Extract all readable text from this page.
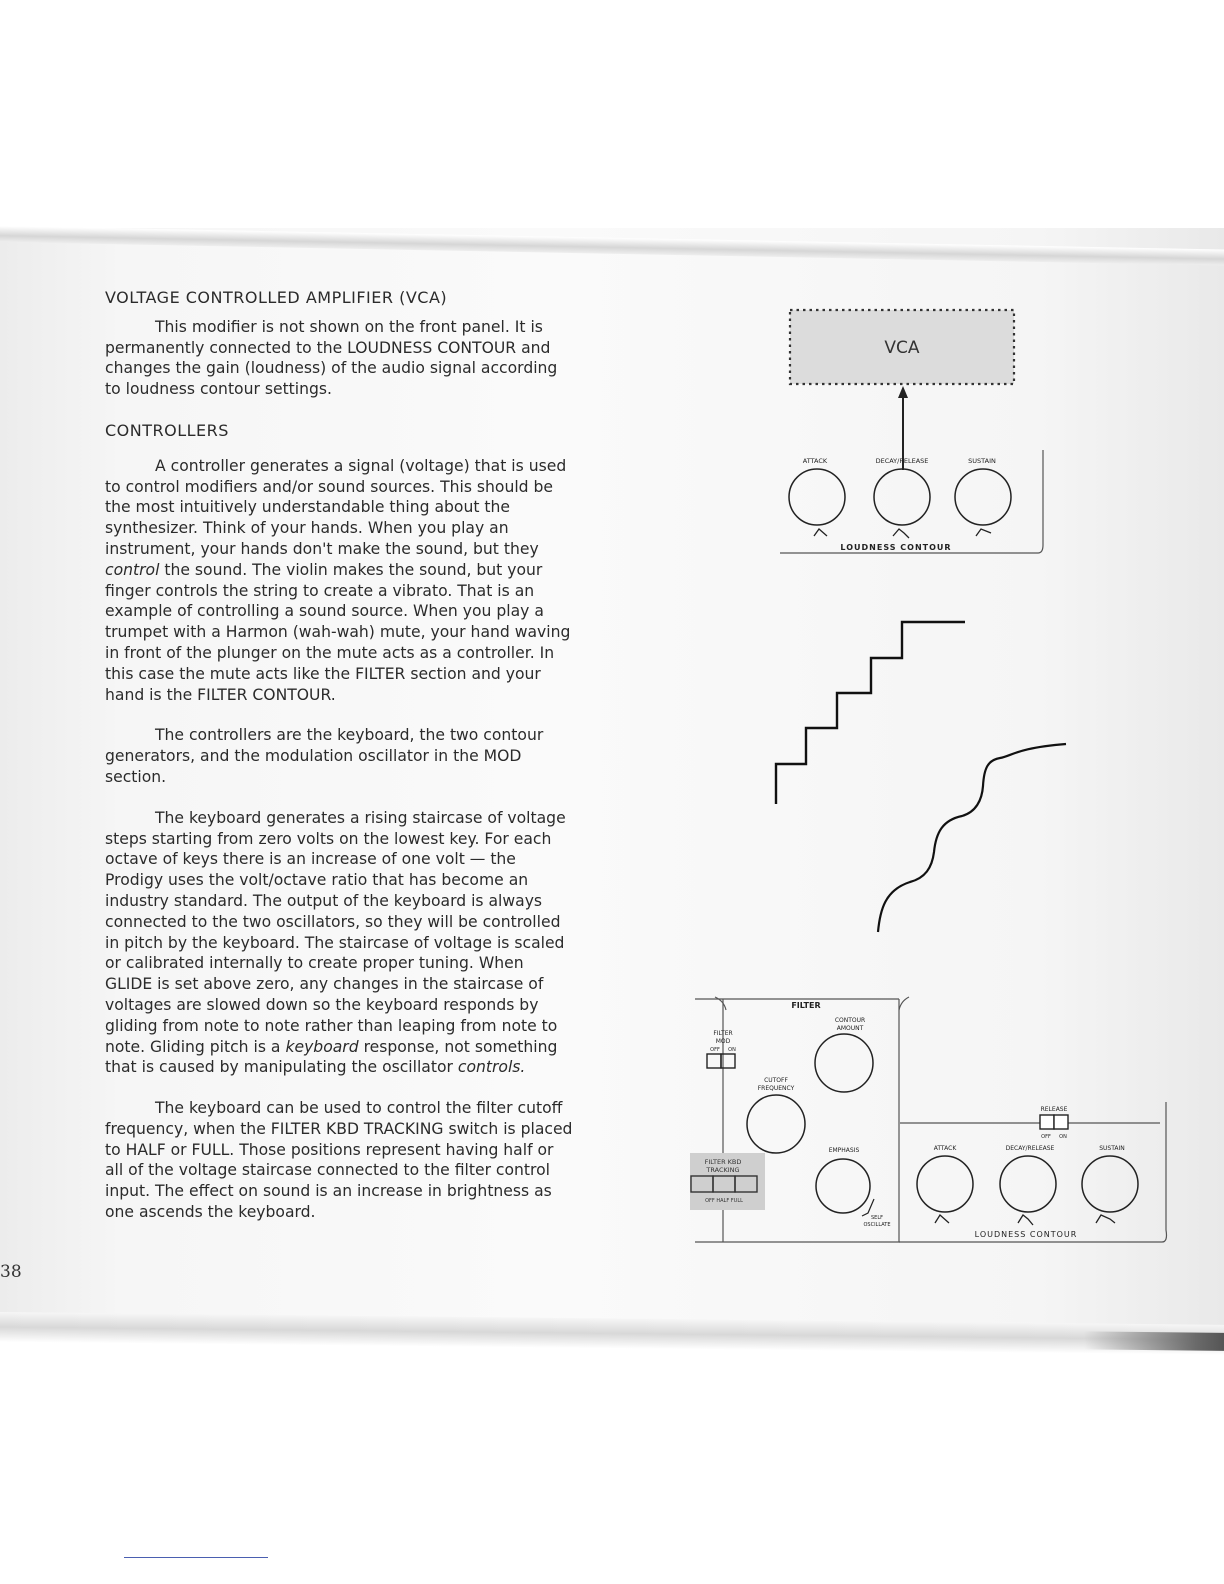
VOLTAGE CONTROLLED AMPLIFIER (VCA)

This modifier is not shown on the front panel. It is permanently connected to the LOUDNESS CONTOUR and changes the gain (loudness) of the audio signal according to loudness contour settings.

CONTROLLERS

A controller generates a signal (voltage) that is used to control modifiers and/or sound sources. This should be the most intuitively understandable thing about the synthesizer. Think of your hands. When you play an instrument, your hands don't make the sound, but they control the sound. The violin makes the sound, but your finger controls the string to create a vibrato. That is an example of controlling a sound source. When you play a trumpet with a Harmon (wah-wah) mute, your hand waving in front of the plunger on the mute acts as a controller. In this case the mute acts like the FILTER section and your hand is the FILTER CONTOUR.

The controllers are the keyboard, the two contour generators, and the modulation oscillator in the MOD section.

The keyboard generates a rising staircase of voltage steps starting from zero volts on the lowest key. For each octave of keys there is an increase of one volt — the Prodigy uses the volt/octave ratio that has become an industry standard. The output of the keyboard is always connected to the two oscillators, so they will be controlled in pitch by the keyboard. The staircase of voltage is scaled or calibrated internally to create proper tuning. When GLIDE is set above zero, any changes in the staircase of voltages are slowed down so the keyboard responds by gliding from note to note rather than leaping from note to note. Gliding pitch is a keyboard response, not something that is caused by manipulating the oscillator controls.

The keyboard can be used to control the filter cutoff frequency, when the FILTER KBD TRACKING switch is placed to HALF or FULL. Those positions represent having half or all of the voltage staircase connected to the filter control input. The effect on sound is an increase in brightness as one ascends the keyboard.

38
VCA
ATTACK	DECAY/RELEASE	SUSTAIN
LOUDNESS CONTOUR
FILTER
FILTER
MOD
OFF ON
CONTOUR
AMOUNT
CUTOFF
FREQUENCY
EMPHASIS
SELF
OSCILLATE
FILTER KBD
TRACKING
OFF HALF FULL
RELEASE
OFF ON
ATTACK	DECAY/RELEASE	SUSTAIN
LOUDNESS CONTOUR
